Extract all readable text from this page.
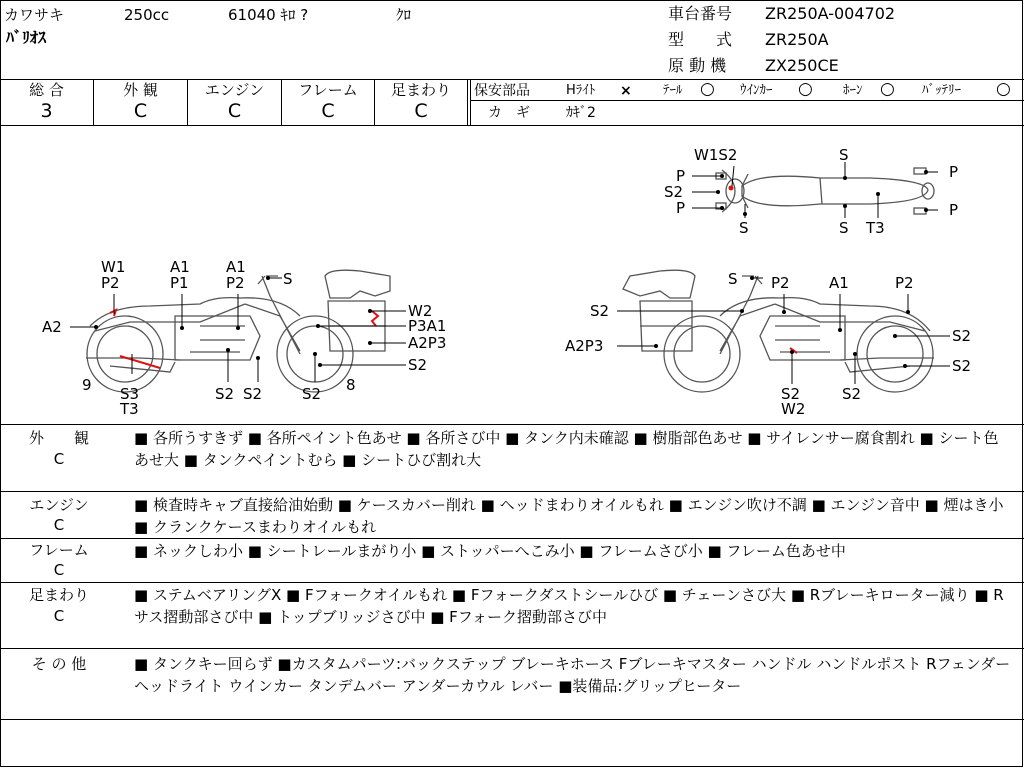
カワサキ	250cc	61040 ｷﾛ ?	ｸﾛ
ﾊﾞﾘｵｽ
車台番号 ZR250A-004702
型　　式 ZR250A
原 動 機 ZX250CE
総 合
3
外 観
C
エンジン
C
フレーム
C
足まわり
C
保安部品	Hﾗｲﾄ × ﾃｰﾙ ○ ｳｲﾝｶｰ ○ ﾎｰﾝ ○ ﾊﾞｯﾃﾘｰ ○
カ　ギ	ｶｷﾞ2
W1S2	S
P
S2
P
S	S T3
P
P
W1
P2
A1
P1
A1
P2	S
A2
W2
P3A1
A2P3
S2
9 S3
T3
S2 S2	S2 8
S P2	A1	P2
S2
S2
A2P3
S2
S2
W2
S2
外　　観
C
■ 各所うすきず ■ 各所ペイント色あせ ■ 各所さび中 ■ タンク内未確認 ■ 樹脂部色あせ ■ サイレンサー腐食割れ ■ シート色あせ大 ■ タンクペイントむら ■ シートひび割れ大
エンジン
C
■ 検査時キャブ直接給油始動 ■ ケースカバー削れ ■ ヘッドまわりオイルもれ ■ エンジン吹け不調 ■ エンジン音中 ■ 煙はき小 ■ クランクケースまわりオイルもれ
フレーム
C
■ ネックしわ小 ■ シートレールまがり小 ■ ストッパーへこみ小 ■ フレームさび小 ■ フレーム色あせ中
足まわり
C
■ ステムベアリングX ■ Fフォークオイルもれ ■ Fフォークダストシールひび ■ チェーンさび大 ■ Rブレーキローター減り ■ Rサス摺動部さび中 ■ トップブリッジさび中 ■ Fフォーク摺動部さび中
そ の 他	■ タンクキー回らず ■カスタムパーツ:バックステップ ブレーキホース Fブレーキマスター ハンドル ハンドルポスト Rフェンダー ヘッドライト ウインカー タンデムバー アンダーカウル レバー ■装備品:グリップヒーター
